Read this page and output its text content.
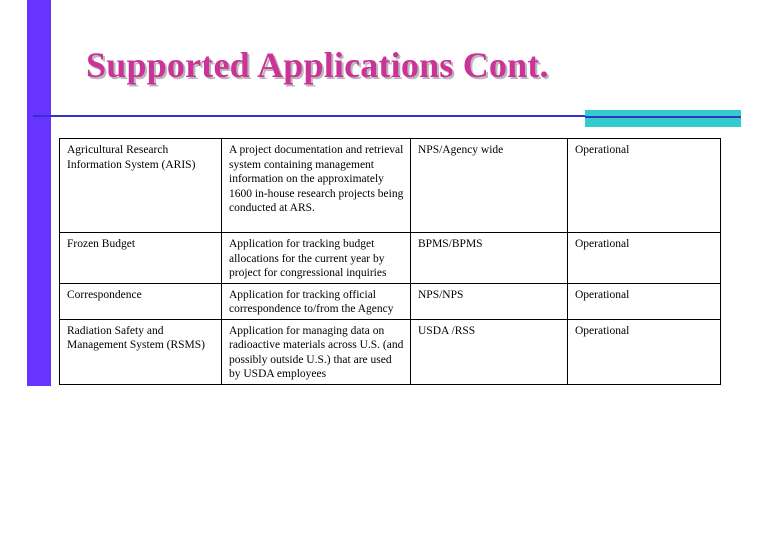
Supported Applications Cont.
Agricultural Research Information System (ARIS)	A project documentation and retrieval system containing management information on the approximately 1600 in-house research projects being conducted at ARS.	NPS/Agency wide	Operational
Frozen Budget	Application for tracking budget allocations for the current year by project for congressional inquiries	BPMS/BPMS	Operational
Correspondence	Application for tracking official correspondence to/from the Agency	NPS/NPS	Operational
Radiation Safety and Management System (RSMS)	Application for managing data on radioactive materials across U.S. (and possibly outside U.S.) that are used by USDA employees	USDA /RSS	Operational
